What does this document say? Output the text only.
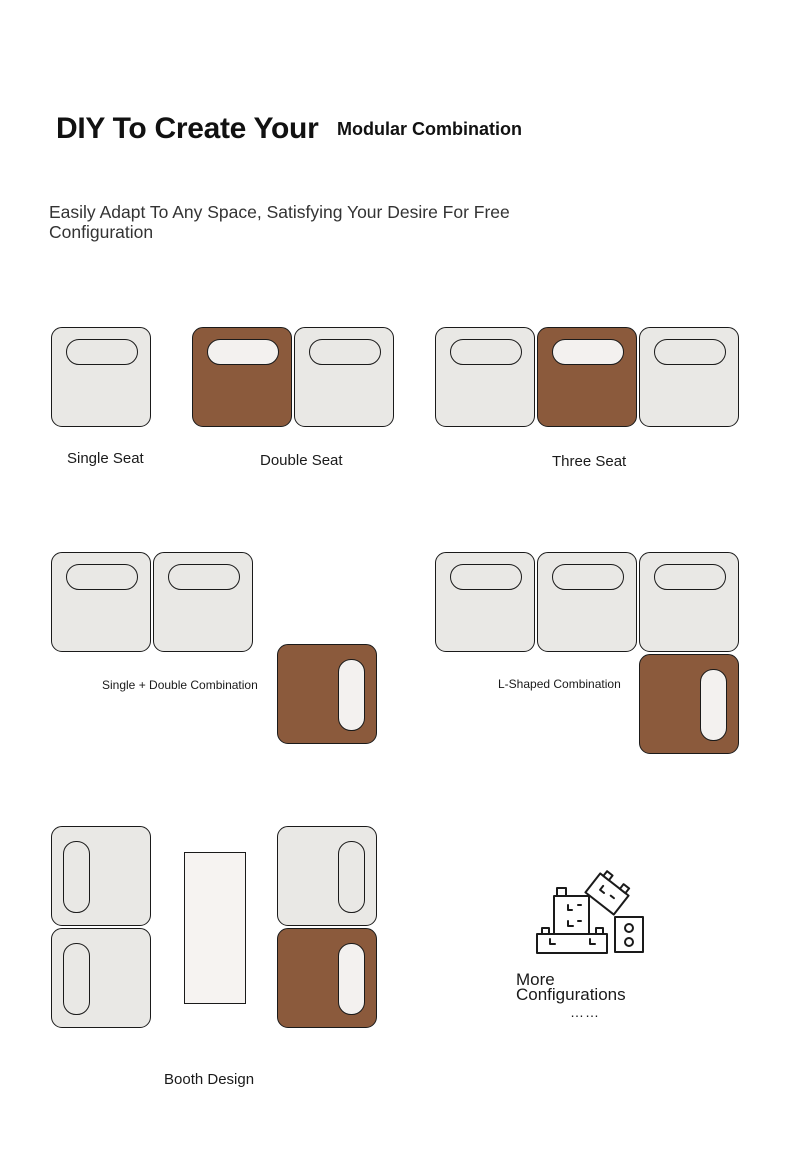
DIY To Create Your Modular Combination
Easily Adapt To Any Space, Satisfying Your Desire For Free Configuration
Single Seat	Double Seat	Three Seat
Single + Double Combination	L-Shaped Combination
Booth Design
More
Configurations
……
